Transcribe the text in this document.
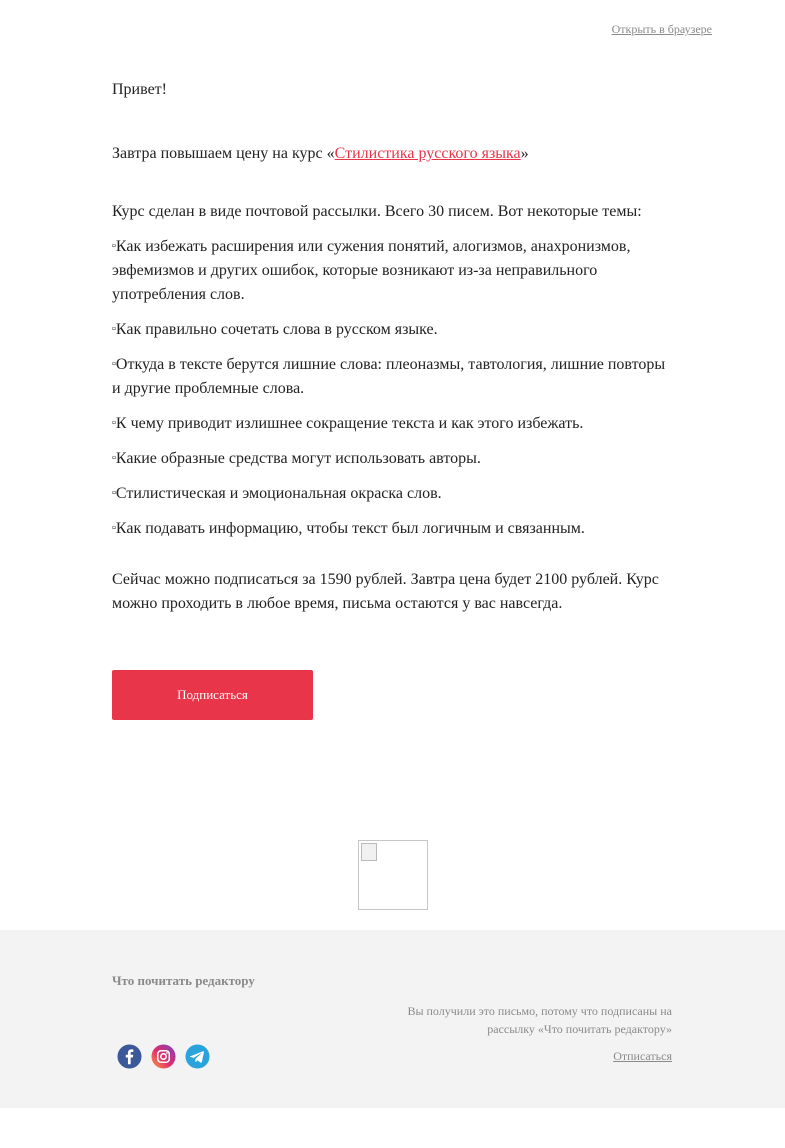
Открыть в браузере

Привет!

Завтра повышаем цену на курс «Стилистика русского языка»

Курс сделан в виде почтовой рассылки. Всего 30 писем. Вот некоторые темы:

▫Как избежать расширения или сужения понятий, алогизмов, анахронизмов, эвфемизмов и других ошибок, которые возникают из-за неправильного употребления слов.
▫Как правильно сочетать слова в русском языке.
▫Откуда в тексте берутся лишние слова: плеоназмы, тавтология, лишние повторы и другие проблемные слова.
▫К чему приводит излишнее сокращение текста и как этого избежать.
▫Какие образные средства могут использовать авторы.
▫Стилистическая и эмоциональная окраска слов.
▫Как подавать информацию, чтобы текст был логичным и связанным.

Сейчас можно подписаться за 1590 рублей. Завтра цена будет 2100 рублей. Курс можно проходить в любое время, письма остаются у вас навсегда.

Подписаться
Что почитать редактору
Вы получили это письмо, потому что подписаны на рассылку «Что почитать редактору»
Отписаться
